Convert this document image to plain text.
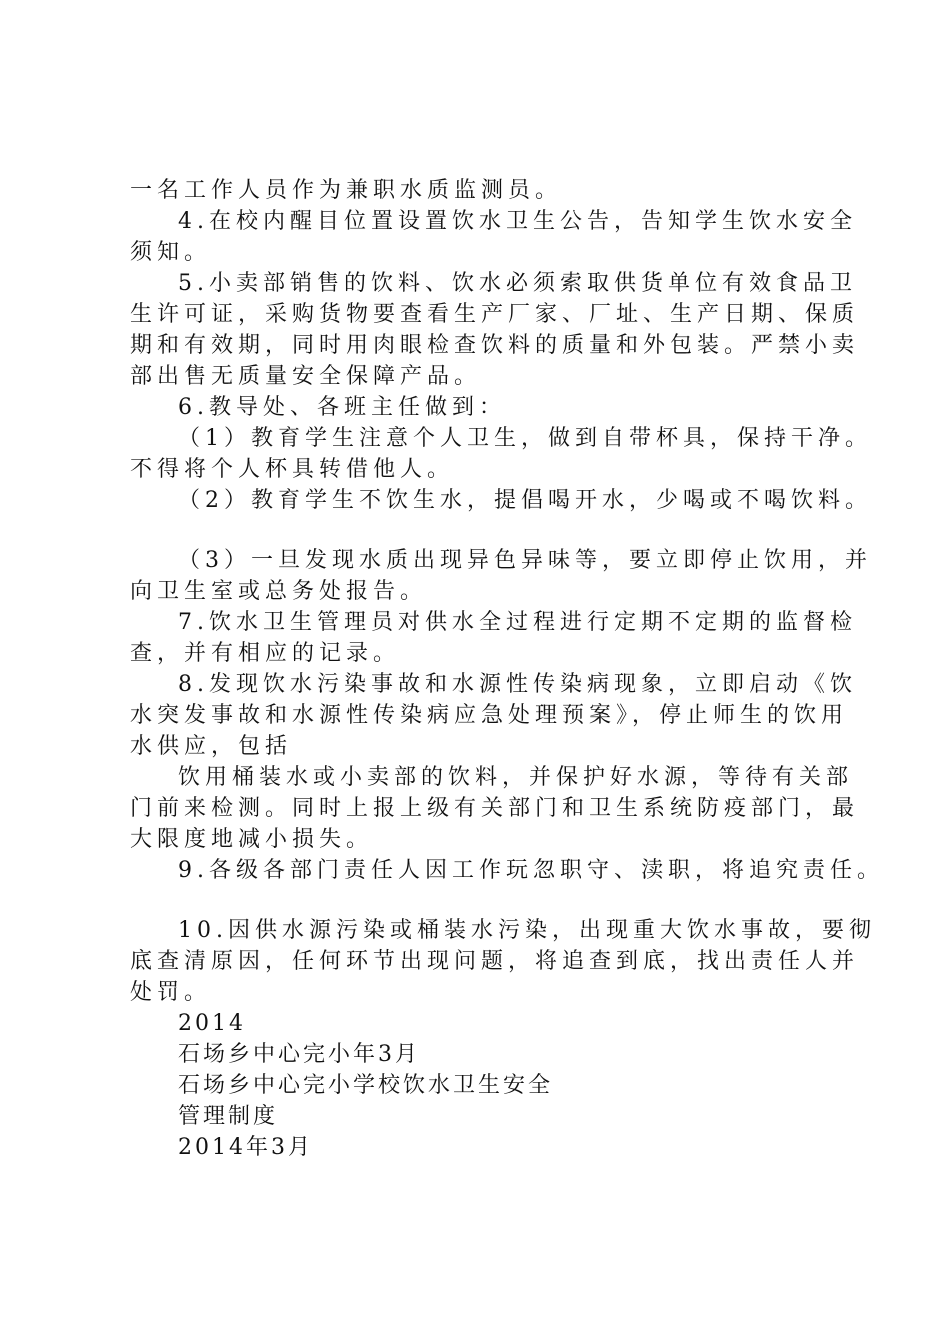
一名工作人员作为兼职水质监测员。
4.在校内醒目位置设置饮水卫生公告，告知学生饮水安全
须知。
5.小卖部销售的饮料、饮水必须索取供货单位有效食品卫
生许可证，采购货物要查看生产厂家、厂址、生产日期、保质
期和有效期，同时用肉眼检查饮料的质量和外包装。严禁小卖
部出售无质量安全保障产品。
6.教导处、各班主任做到：
（1）教育学生注意个人卫生，做到自带杯具，保持干净。
不得将个人杯具转借他人。
（2）教育学生不饮生水，提倡喝开水，少喝或不喝饮料。
（3）一旦发现水质出现异色异味等，要立即停止饮用，并
向卫生室或总务处报告。
7.饮水卫生管理员对供水全过程进行定期不定期的监督检
查，并有相应的记录。
8.发现饮水污染事故和水源性传染病现象，立即启动《饮
水突发事故和水源性传染病应急处理预案》，停止师生的饮用
水供应，包括
饮用桶装水或小卖部的饮料，并保护好水源，等待有关部
门前来检测。同时上报上级有关部门和卫生系统防疫部门，最
大限度地减小损失。
9.各级各部门责任人因工作玩忽职守、渎职，将追究责任。
10.因供水源污染或桶装水污染，出现重大饮水事故，要彻
底查清原因，任何环节出现问题，将追查到底，找出责任人并
处罚。
2014
石场乡中心完小年3月
石场乡中心完小学校饮水卫生安全
管理制度
2014年3月
